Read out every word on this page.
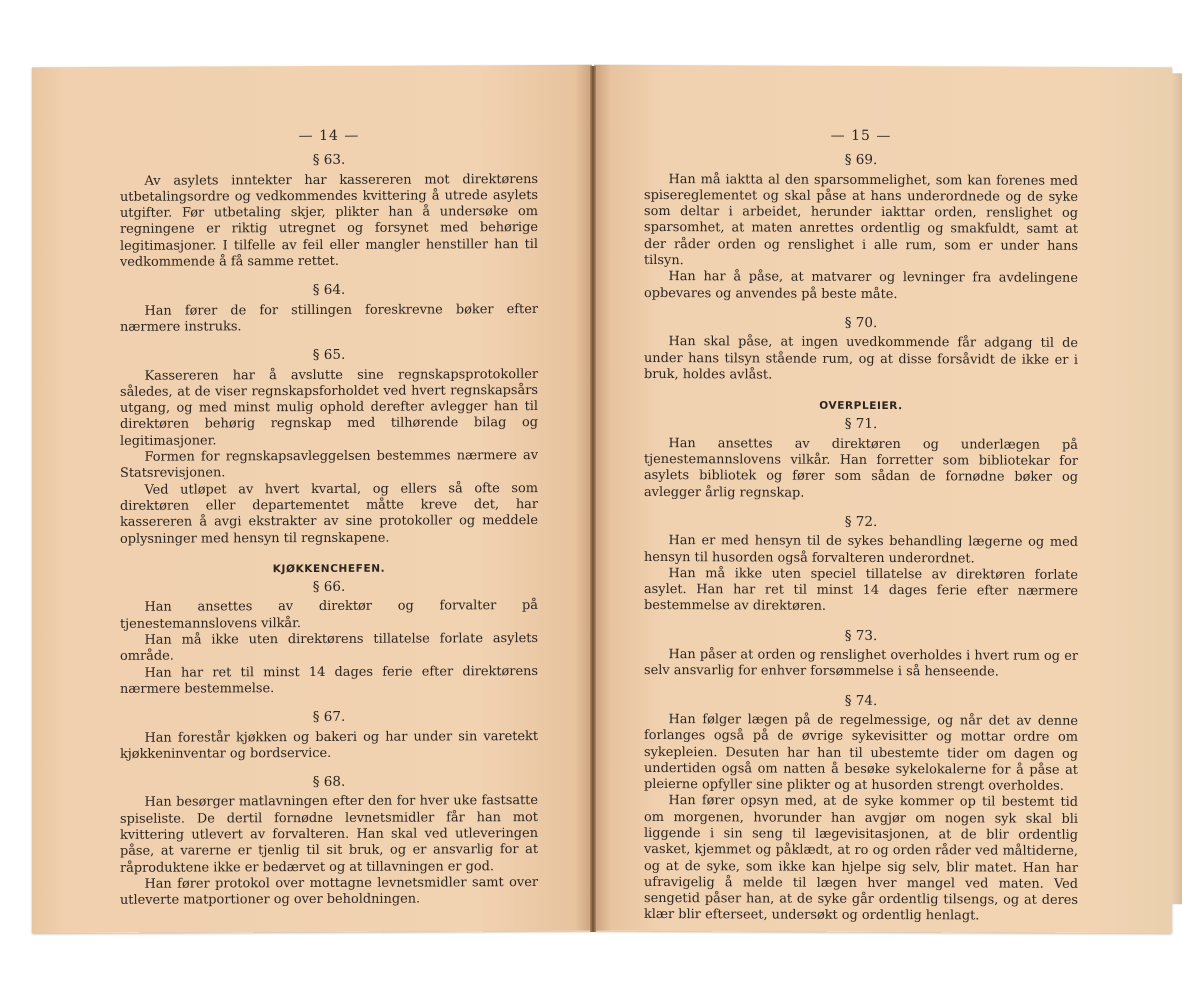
— 14 —
§ 63.

Av asylets inntekter har kassereren mot direktørens utbetalingsordre og vedkommendes kvittering å utrede asylets utgifter. Før utbetaling skjer, plikter han å undersøke om regningene er riktig utregnet og forsynet med behørige legitimasjoner. I tilfelle av feil eller mangler henstiller han til vedkommende å få samme rettet.

§ 64.

Han fører de for stillingen foreskrevne bøker efter nærmere instruks.

§ 65.

Kassereren har å avslutte sine regnskapsprotokoller således, at de viser regnskapsforholdet ved hvert regnskapsårs utgang, og med minst mulig ophold derefter avlegger han til direktøren behørig regnskap med tilhørende bilag og legitimasjoner.

Formen for regnskapsavleggelsen bestemmes nærmere av Statsrevisjonen.

Ved utløpet av hvert kvartal, og ellers så ofte som direktøren eller departementet måtte kreve det, har kassereren å avgi ekstrakter av sine protokoller og meddele oplysninger med hensyn til regnskapene.

KJØKKENCHEFEN.
§ 66.

Han ansettes av direktør og forvalter på tjenestemannslovens vilkår.

Han må ikke uten direktørens tillatelse forlate asylets område.

Han har ret til minst 14 dages ferie efter direktørens nærmere bestemmelse.

§ 67.

Han forestår kjøkken og bakeri og har under sin varetekt kjøkkeninventar og bordservice.

§ 68.

Han besørger matlavningen efter den for hver uke fastsatte spiseliste. De dertil fornødne levnetsmidler får han mot kvittering utlevert av forvalteren. Han skal ved utleveringen påse, at varerne er tjenlig til sit bruk, og er ansvarlig for at råproduktene ikke er bedærvet og at tillavningen er god.

Han fører protokol over mottagne levnetsmidler samt over utleverte matportioner og over beholdningen.

— 15 —
§ 69.

Han må iaktta al den sparsommelighet, som kan forenes med spisereglementet og skal påse at hans underordnede og de syke som deltar i arbeidet, herunder iakttar orden, renslighet og sparsomhet, at maten anrettes ordentlig og smakfuldt, samt at der råder orden og renslighet i alle rum, som er under hans tilsyn.

Han har å påse, at matvarer og levninger fra avdelingene opbevares og anvendes på beste måte.

§ 70.

Han skal påse, at ingen uvedkommende får adgang til de under hans tilsyn stående rum, og at disse forsåvidt de ikke er i bruk, holdes avlåst.

OVERPLEIER.
§ 71.

Han ansettes av direktøren og underlægen på tjenestemannslovens vilkår. Han forretter som bibliotekar for asylets bibliotek og fører som sådan de fornødne bøker og avlegger årlig regnskap.

§ 72.

Han er med hensyn til de sykes behandling lægerne og med hensyn til husorden også forvalteren underordnet.

Han må ikke uten speciel tillatelse av direktøren forlate asylet. Han har ret til minst 14 dages ferie efter nærmere bestemmelse av direktøren.

§ 73.

Han påser at orden og renslighet overholdes i hvert rum og er selv ansvarlig for enhver forsømmelse i så henseende.

§ 74.

Han følger lægen på de regelmessige, og når det av denne forlanges også på de øvrige sykevisitter og mottar ordre om sykepleien. Desuten har han til ubestemte tider om dagen og undertiden også om natten å besøke sykelokalerne for å påse at pleierne opfyller sine plikter og at husorden strengt overholdes.

Han fører opsyn med, at de syke kommer op til bestemt tid om morgenen, hvorunder han avgjør om nogen syk skal bli liggende i sin seng til lægevisitasjonen, at de blir ordentlig vasket, kjemmet og påklædt, at ro og orden råder ved måltiderne, og at de syke, som ikke kan hjelpe sig selv, blir matet. Han har ufravigelig å melde til lægen hver mangel ved maten. Ved sengetid påser han, at de syke går ordentlig tilsengs, og at deres klær blir efterseet, undersøkt og ordentlig henlagt.
